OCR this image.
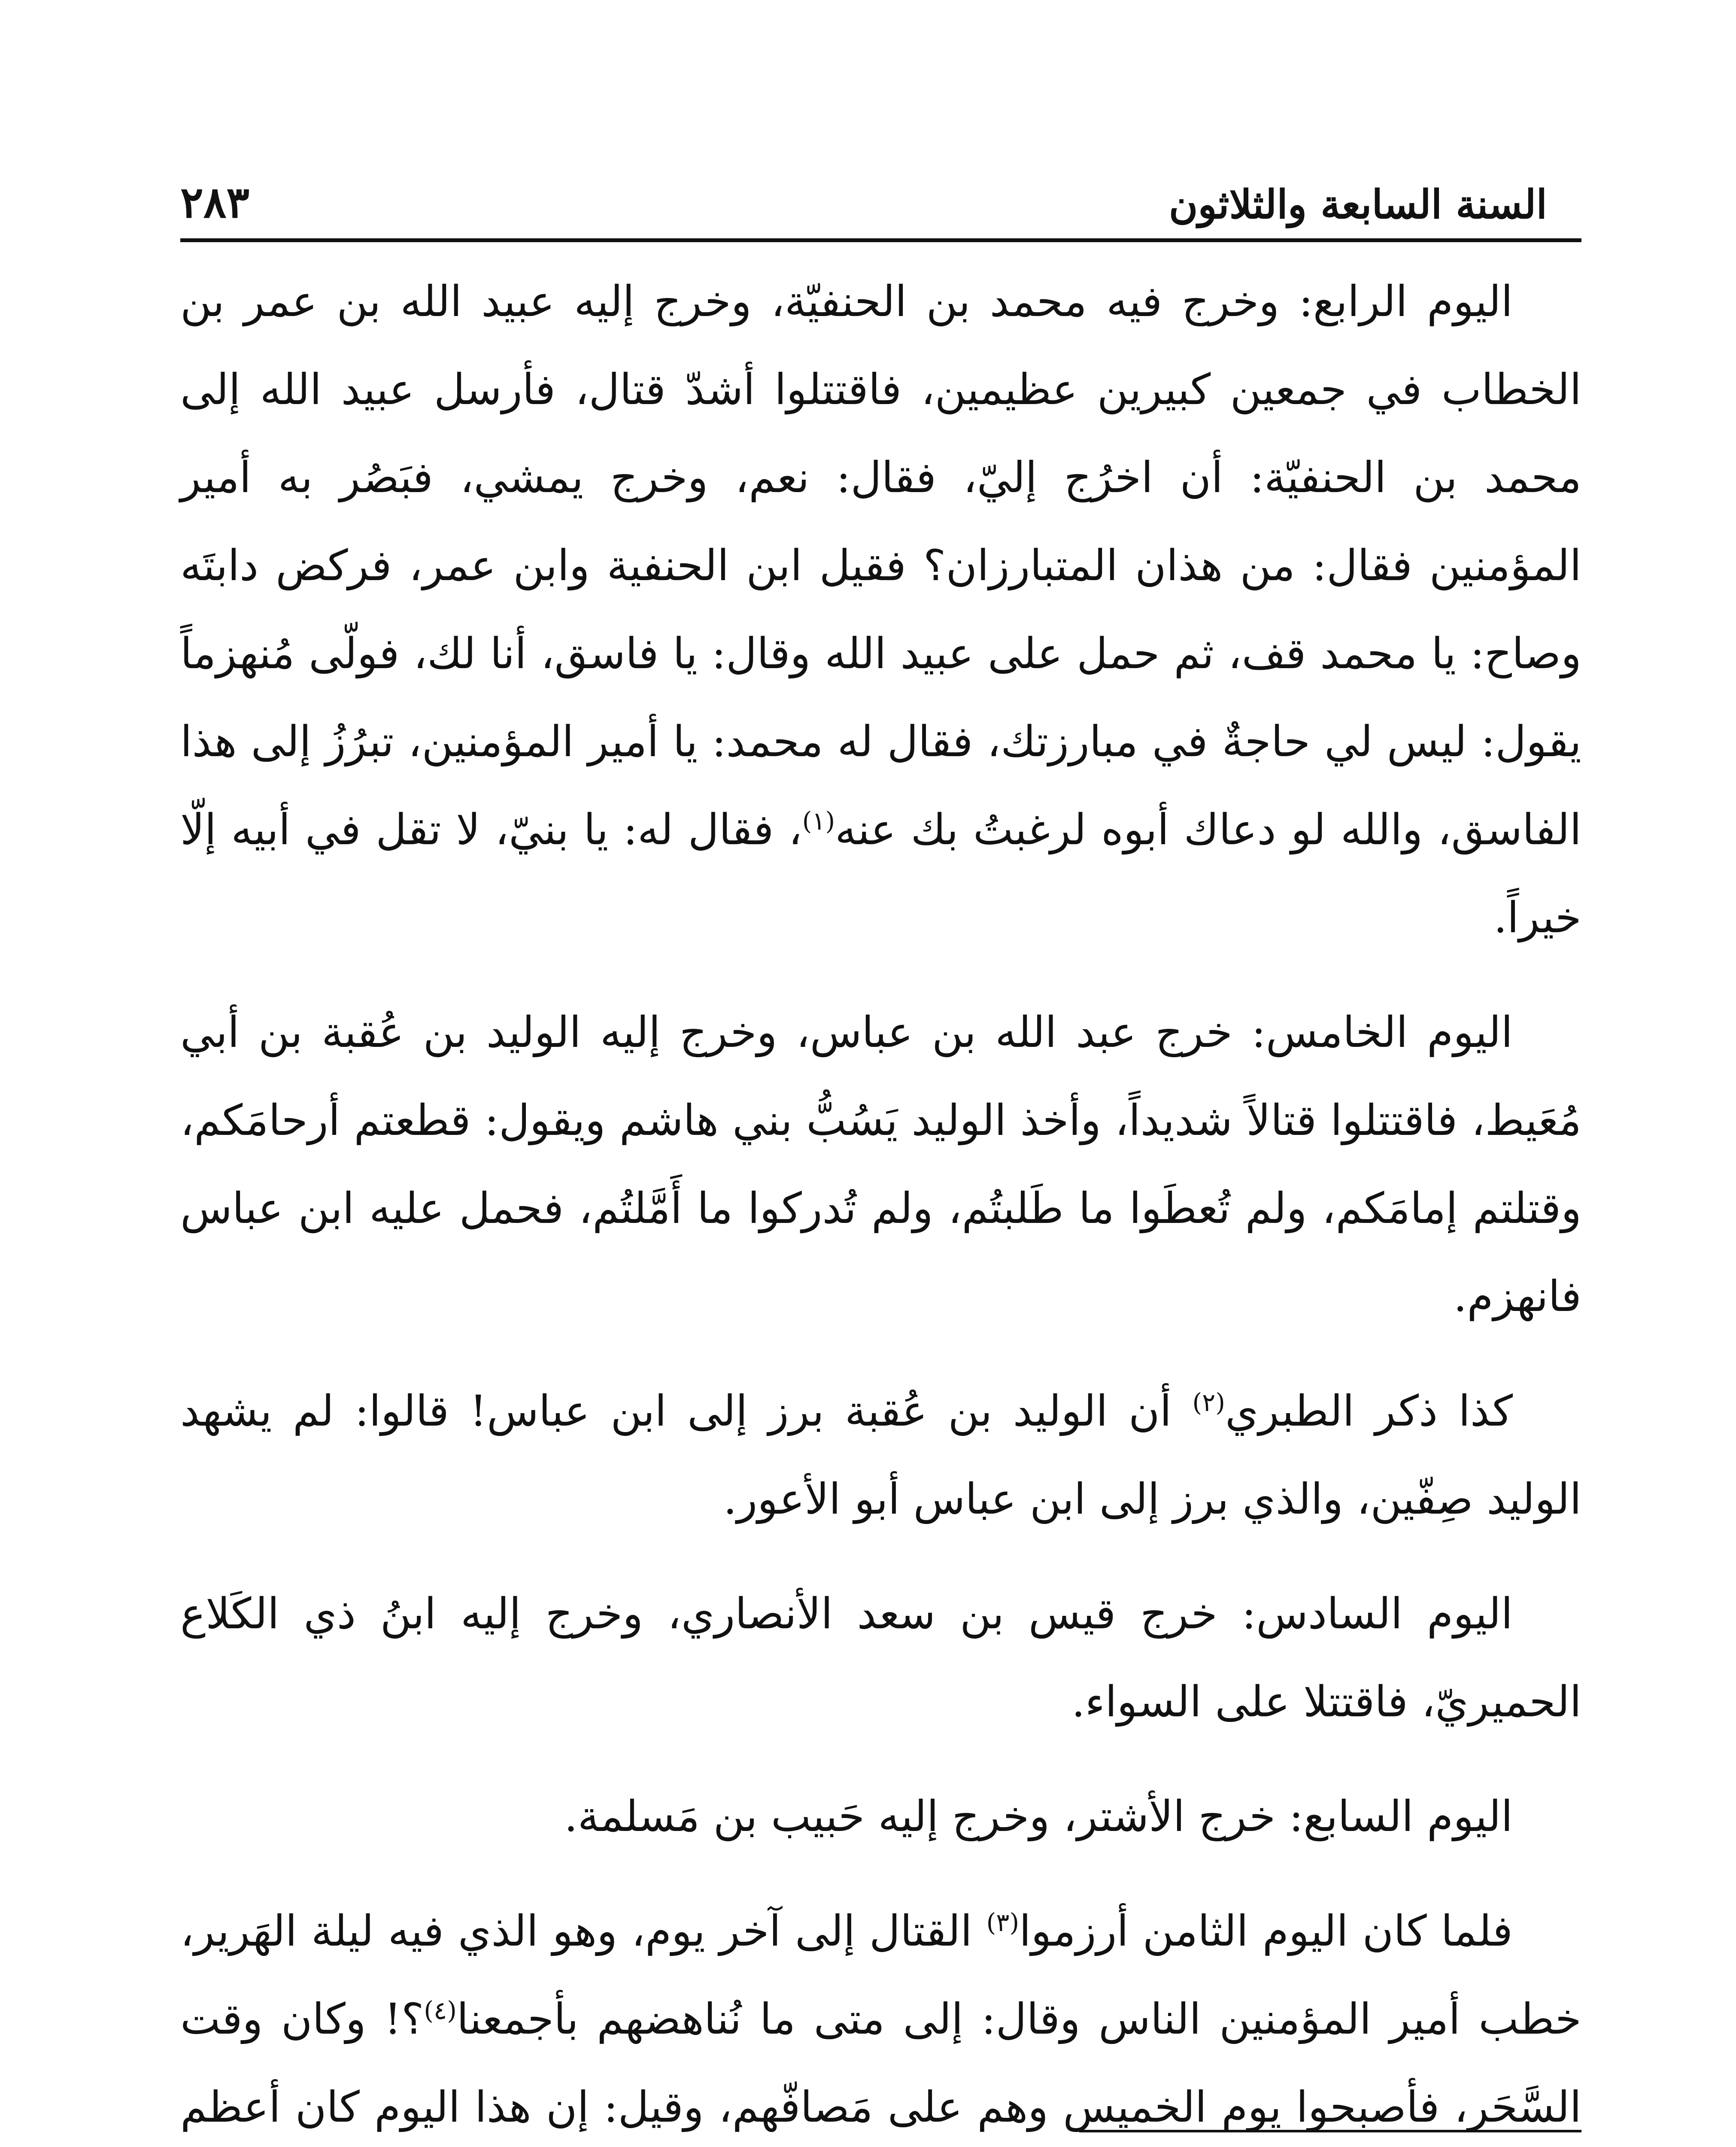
٢٨٣	السنة السابعة والثلاثون

اليوم الرابع: وخرج فيه محمد بن الحنفيّة، وخرج إليه عبيد الله بن عمر بن الخطاب في جمعين كبيرين عظيمين، فاقتتلوا أشدّ قتال، فأرسل عبيد الله إلى محمد بن الحنفيّة: أن اخرُج إليّ، فقال: نعم، وخرج يمشي، فبَصُر به أمير المؤمنين فقال: من هذان المتبارزان؟ فقيل ابن الحنفية وابن عمر، فركض دابتَه وصاح: يا محمد قف، ثم حمل على عبيد الله وقال: يا فاسق، أنا لك، فولّى مُنهزماً يقول: ليس لي حاجةٌ في مبارزتك، فقال له محمد: يا أمير المؤمنين، تبرُزُ إلى هذا الفاسق، والله لو دعاك أبوه لرغبتُ بك عنه$^{(١)}$، فقال له: يا بنيّ، لا تقل في أبيه إلّا خيراً.

اليوم الخامس: خرج عبد الله بن عباس، وخرج إليه الوليد بن عُقبة بن أبي مُعَيط، فاقتتلوا قتالاً شديداً، وأخذ الوليد يَسُبُّ بني هاشم ويقول: قطعتم أرحامَكم، وقتلتم إمامَكم، ولم تُعطَوا ما طَلبتُم، ولم تُدركوا ما أَمَّلتُم، فحمل عليه ابن عباس فانهزم.

كذا ذكر الطبري$^{(٢)}$ أن الوليد بن عُقبة برز إلى ابن عباس! قالوا: لم يشهد الوليد صِفّين، والذي برز إلى ابن عباس أبو الأعور.

اليوم السادس: خرج قيس بن سعد الأنصاري، وخرج إليه ابنُ ذي الكَلاع الحميريّ، فاقتتلا على السواء.

اليوم السابع: خرج الأشتر، وخرج إليه حَبيب بن مَسلمة.

فلما كان اليوم الثامن أرزموا$^{(٣)}$ القتال إلى آخر يوم، وهو الذي فيه ليلة الهَرير، خطب أمير المؤمنين الناس وقال: إلى متى ما نُناهضهم بأجمعنا$^{(٤)}$؟! وكان وقت السَّحَر، فأصبحوا يوم الخميس وهم على مَصافّهم، وقيل: إن هذا اليوم كان أعظم
